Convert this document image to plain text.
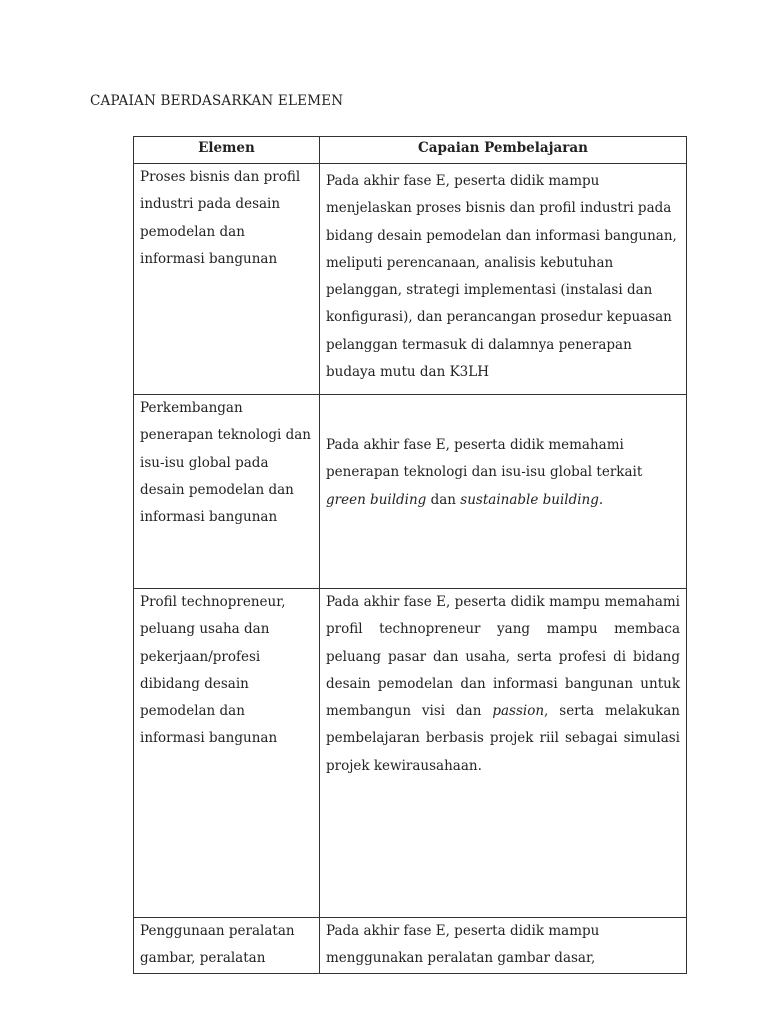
CAPAIAN BERDASARKAN ELEMEN
Elemen	Capaian Pembelajaran
Proses bisnis dan profil industri pada desain pemodelan dan informasi bangunan	Pada akhir fase E, peserta didik mampu menjelaskan proses bisnis dan profil industri pada bidang desain pemodelan dan informasi bangunan, meliputi perencanaan, analisis kebutuhan pelanggan, strategi implementasi (instalasi dan konfigurasi), dan perancangan prosedur kepuasan pelanggan termasuk di dalamnya penerapan budaya mutu dan K3LH
Perkembangan penerapan teknologi dan isu-isu global pada desain pemodelan dan informasi bangunan	Pada akhir fase E, peserta didik memahami penerapan teknologi dan isu-isu global terkait green building dan sustainable building.
Profil technopreneur, peluang usaha dan pekerjaan/profesi dibidang desain pemodelan dan informasi bangunan	Pada akhir fase E, peserta didik mampu memahami profil technopreneur yang mampu membaca peluang pasar dan usaha, serta profesi di bidang desain pemodelan dan informasi bangunan untuk membangun visi dan passion, serta melakukan pembelajaran berbasis projek riil sebagai simulasi projek kewirausahaan.
Penggunaan peralatan gambar, peralatan	Pada akhir fase E, peserta didik mampu menggunakan peralatan gambar dasar,
